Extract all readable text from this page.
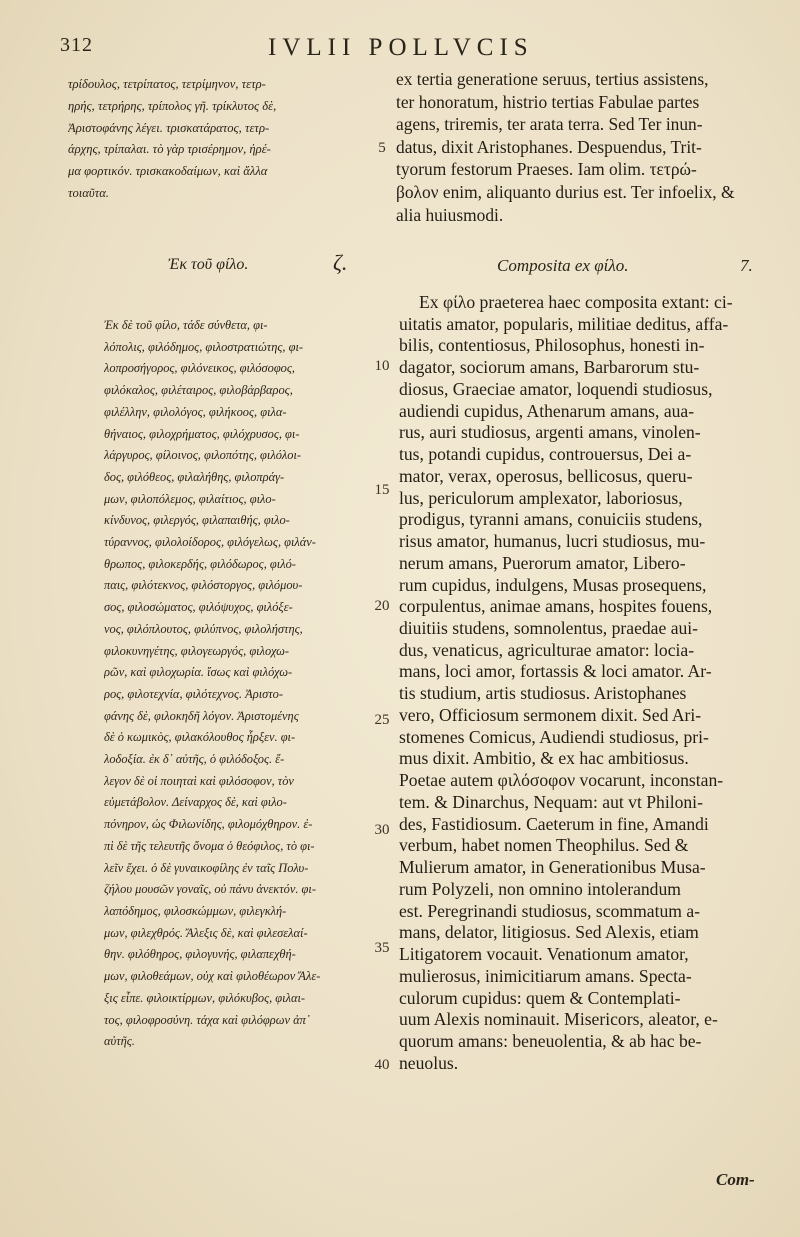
312	IVLII POLLVCIS
τρίδουλος, τετρίπατος, τετρίμηνον, τετρ-
ηρής, τετρήρης, τρίπολος γῆ. τρίκλυτος δὲ,
Ἀριστοφάνης λέγει. τρισκατάρατος, τετρ-
άρχης, τρίπαλαι. τὸ γὰρ τρισέρημον, ἠρέ-
μα φορτικόν. τρισκακοδαίμων, καὶ ἄλλα
τοιαῦτα.
ex tertia generatione seruus, tertius assistens,
ter honoratum, histrio tertias Fabulae partes
agens, triremis, ter arata terra. Sed Ter inun-
datus, dixit Aristophanes. Despuendus, Trit-
tyorum festorum Praeses. Iam olim. τετρώ-
βολον enim, aliquanto durius est. Ter infoelix, &
alia huiusmodi.
5
Ἐκ τοῦ φίλο.	ζ.	Composita ex φίλο.	7.
Ἐκ δὲ τοῦ φίλο, τάδε σύνθετα, φι-
λόπολις, φιλόδημος, φιλοστρατιώτης, φι-
λοπροσήγορος, φιλόνεικος, φιλόσοφος,
φιλόκαλος, φιλέταιρος, φιλοβάρβαρος,
φιλέλλην, φιλολόγος, φιλήκοος, φιλα-
θήναιος, φιλοχρήματος, φιλόχρυσος, φι-
λάργυρος, φίλοινος, φιλοπότης, φιλόλοι-
δος, φιλόθεος, φιλαλήθης, φιλοπράγ-
μων, φιλοπόλεμος, φιλαίτιος, φιλο-
κίνδυνος, φιλεργός, φιλαπαιθής, φιλο-
τύραννος, φιλολοίδορος, φιλόγελως, φιλάν-
θρωπος, φιλοκερδής, φιλόδωρος, φιλό-
παις, φιλότεκνος, φιλόστοργος, φιλόμου-
σος, φιλοσώματος, φιλόψυχος, φιλόξε-
νος, φιλόπλουτος, φιλύπνος, φιλολήστης,
φιλοκυνηγέτης, φιλογεωργός, φιλοχω-
ρῶν, καὶ φιλοχωρία. ἴσως καὶ φιλόχω-
ρος, φιλοτεχνία, φιλότεχνος. Ἀριστο-
φάνης δὲ, φιλοκηδῆ λόγον. Ἀριστομένης
δὲ ὁ κωμικὸς, φιλακόλουθος ἦρξεν. φι-
λοδοξία. ἐκ δ᾽ αὐτῆς, ὁ φιλόδοξος. ἔ-
λεγον δὲ οἱ ποιηταὶ καὶ φιλόσοφον, τὸν
εὐμετάβολον. Δείναρχος δὲ, καὶ φιλο-
πόνηρον, ὡς Φιλωνίδης, φιλομόχθηρον. ἐ-
πὶ δὲ τῆς τελευτῆς ὄνομα ὁ θεόφιλος, τὸ φι-
λεῖν ἔχει. ὁ δὲ γυναικοφίλης ἐν ταῖς Πολυ-
ζήλου μουσῶν γοναῖς, οὐ πάνυ ἀνεκτόν. φι-
λαπόδημος, φιλοσκώμμων, φιλεγκλή-
μων, φιλεχθρός. Ἄλεξις δὲ, καὶ φιλεσελαί-
θην. φιλόθηρος, φιλογυνής, φιλαπεχθή-
μων, φιλοθεάμων, οὐχ καὶ φιλοθέωρον Ἄλε-
ξις εἶπε. φιλοικτίρμων, φιλόκυβος, φιλαι-
τος, φιλοφροσύνη. τάχα καὶ φιλόφρων ἀπ᾽
αὐτῆς.
Ex φίλο praeterea haec composita extant: ci-
uitatis amator, popularis, militiae deditus, affa-
bilis, contentiosus, Philosophus, honesti in-
dagator, sociorum amans, Barbarorum stu-
diosus, Graeciae amator, loquendi studiosus,
audiendi cupidus, Athenarum amans, aua-
rus, auri studiosus, argenti amans, vinolen-
tus, potandi cupidus, controuersus, Dei a-
mator, verax, operosus, bellicosus, queru-
lus, periculorum amplexator, laboriosus,
prodigus, tyranni amans, conuiciis studens,
risus amator, humanus, lucri studiosus, mu-
nerum amans, Puerorum amator, Libero-
rum cupidus, indulgens, Musas prosequens,
corpulentus, animae amans, hospites fouens,
diuitiis studens, somnolentus, praedae aui-
dus, venaticus, agriculturae amator: locia-
mans, loci amor, fortassis & loci amator. Ar-
tis studium, artis studiosus. Aristophanes
vero, Officiosum sermonem dixit. Sed Ari-
stomenes Comicus, Audiendi studiosus, pri-
mus dixit. Ambitio, & ex hac ambitiosus.
Poetae autem φιλόσοφον vocarunt, inconstan-
tem. & Dinarchus, Nequam: aut vt Philoni-
des, Fastidiosum. Caeterum in fine, Amandi
verbum, habet nomen Theophilus. Sed &
Mulierum amator, in Generationibus Musa-
rum Polyzeli, non omnino intolerandum
est. Peregrinandi studiosus, scommatum a-
mans, delator, litigiosus. Sed Alexis, etiam
Litigatorem vocauit. Venationum amator,
mulierosus, inimicitiarum amans. Specta-
culorum cupidus: quem & Contemplati-
uum Alexis nominauit. Misericors, aleator, e-
quorum amans: beneuolentia, & ab hac be-
neuolus.
10
15
20
25
30
35
40
Com-
